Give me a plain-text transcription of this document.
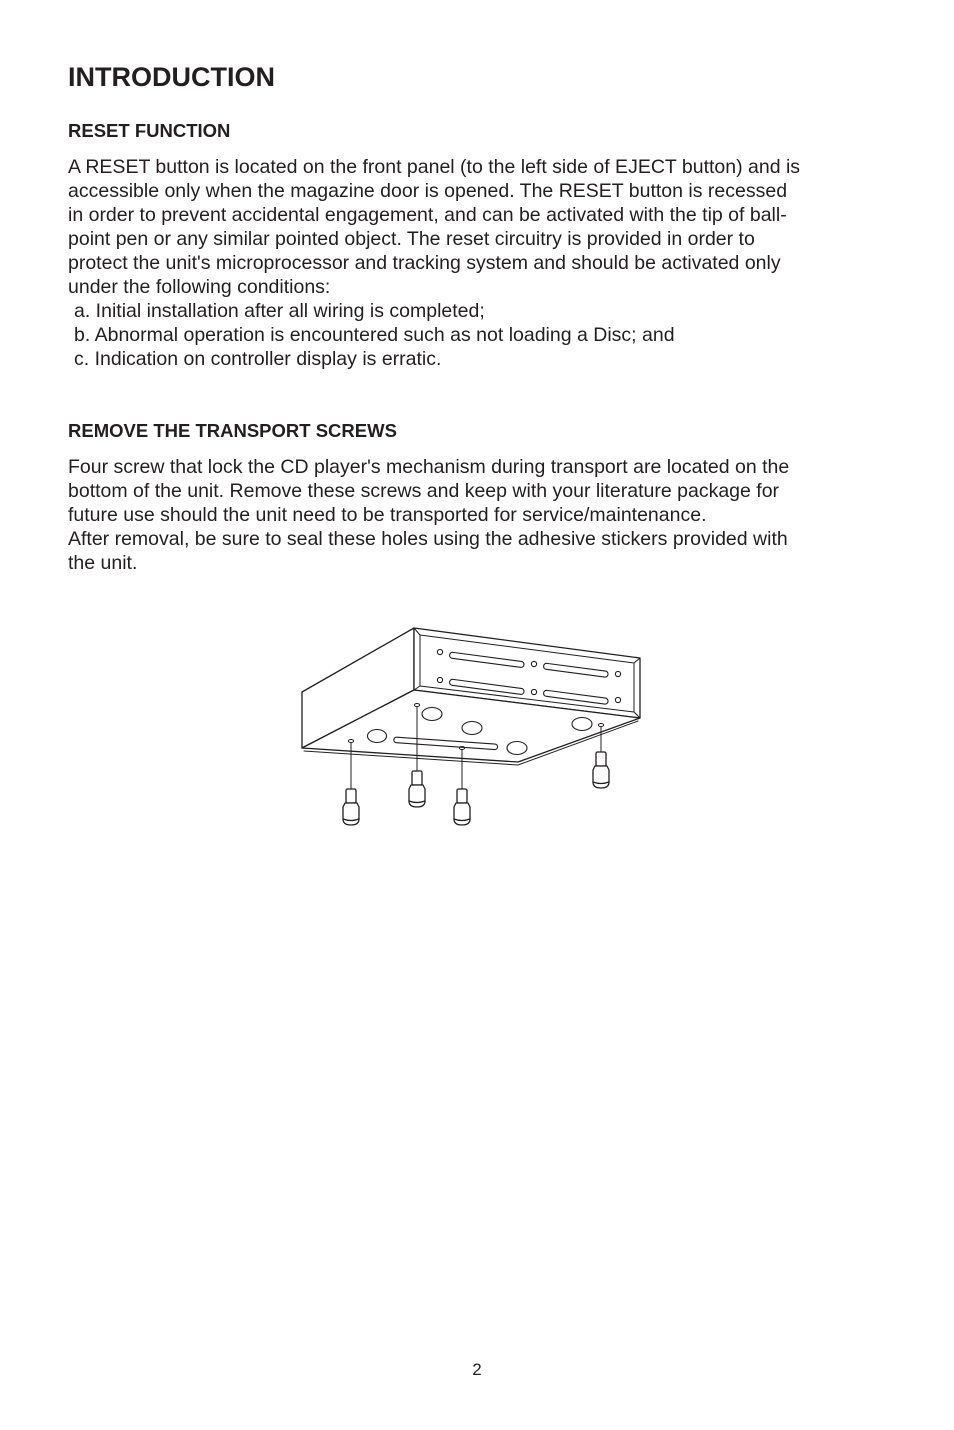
INTRODUCTION
RESET FUNCTION

A RESET button is located on the front panel (to the left side of EJECT button) and is

accessible only when the magazine door is opened. The RESET button is recessed

in order to prevent accidental engagement, and can be activated with the tip of ball-

point pen or any similar pointed object. The reset circuitry is provided in order to

protect the unit's microprocessor and tracking system and should be activated only

under the following conditions:

a. Initial installation after all wiring is completed;

b. Abnormal operation is encountered such as not loading a Disc; and

c. Indication on controller display is erratic.

REMOVE THE TRANSPORT SCREWS

Four screw that lock the CD player's mechanism during transport are located on the

bottom of the unit. Remove these screws and keep with your literature package for

future use should the unit need to be transported for service/maintenance.

After removal, be sure to seal these holes using the adhesive stickers provided with

the unit.

2
